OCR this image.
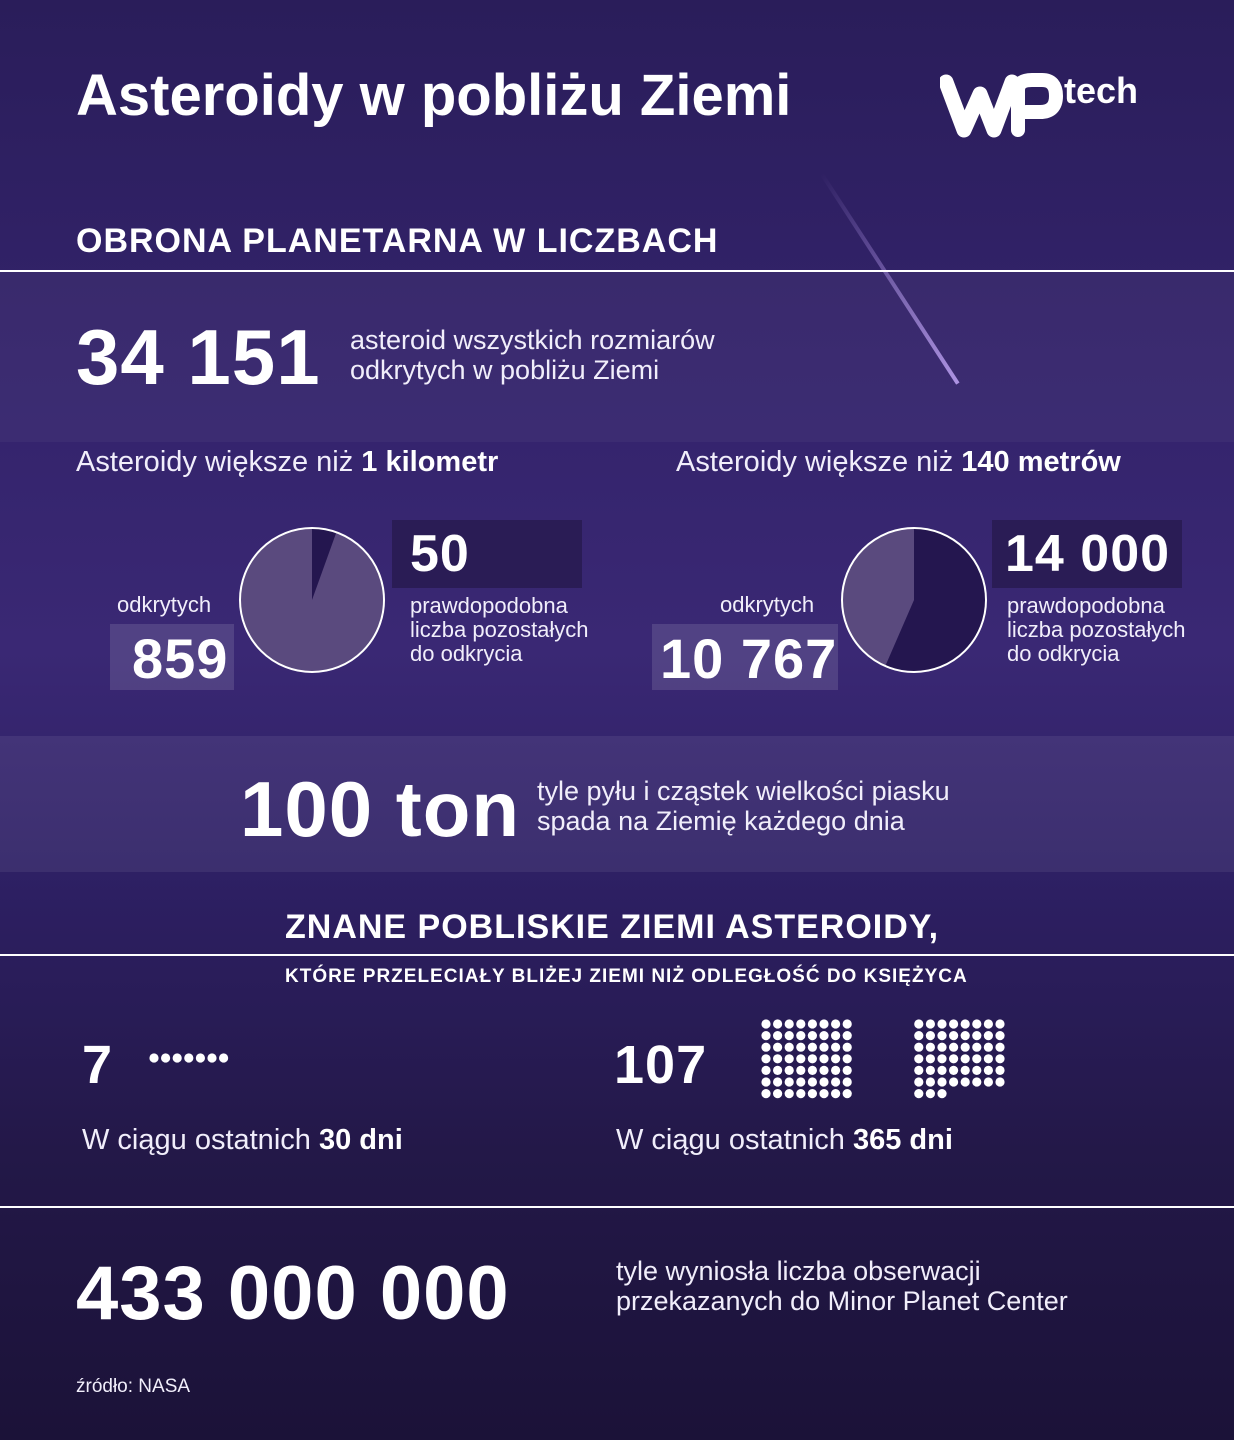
Asteroidy w pobliżu Ziemi	tech
OBRONA PLANETARNA W LICZBACH
34 151 asteroid wszystkich rozmiarów
odkrytych w pobliżu Ziemi
Asteroidy większe niż 1 kilometr
50
prawdopodobna
liczba pozostałych
do odkrycia
odkrytych
859
Asteroidy większe niż 140 metrów
14 000
prawdopodobna
liczba pozostałych
do odkrycia
odkrytych
10 767
100 ton tyle pyłu i cząstek wielkości piasku
spada na Ziemię każdego dnia
ZNANE POBLISKIE ZIEMI ASTEROIDY,
KTÓRE PRZELECIAŁY BLIŻEJ ZIEMI NIŻ ODLEGŁOŚĆ DO KSIĘŻYCA
7
W ciągu ostatnich 30 dni
107
W ciągu ostatnich 365 dni
433 000 000	tyle wyniosła liczba obserwacji
przekazanych do Minor Planet Center
źródło: NASA
